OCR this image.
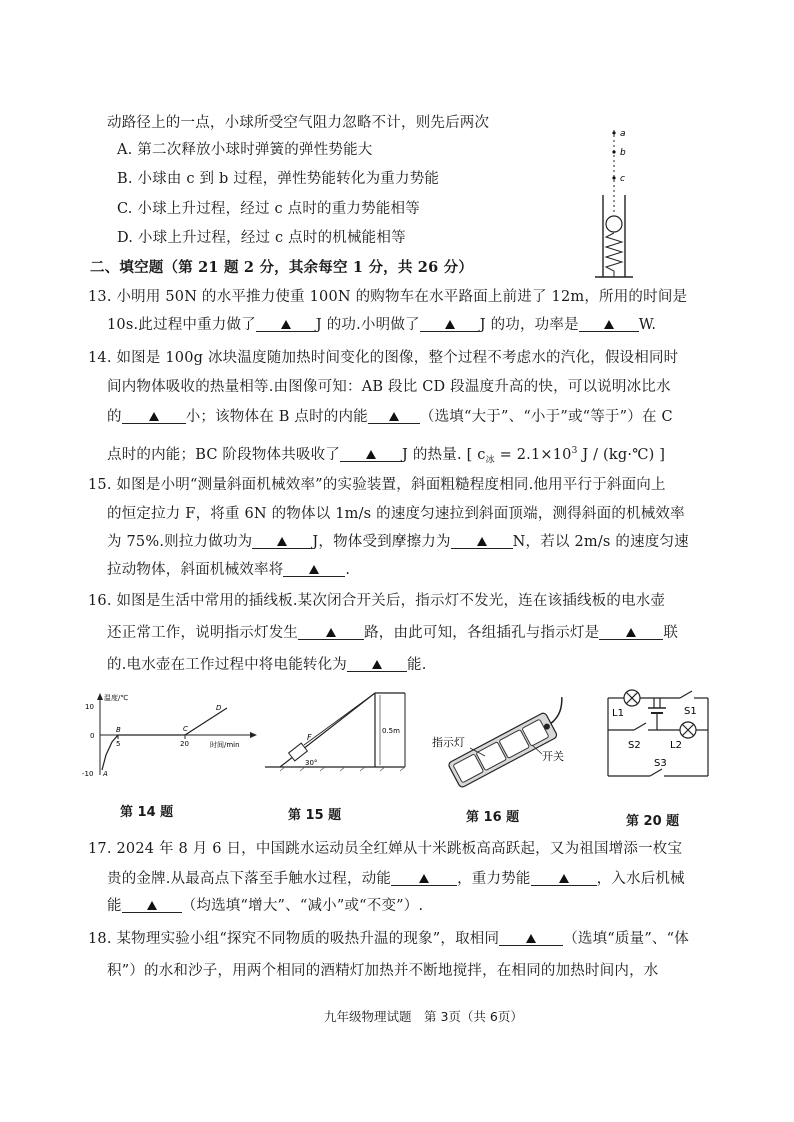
动路径上的一点，小球所受空气阻力忽略不计，则先后两次
A. 第二次释放小球时弹簧的弹性势能大
B. 小球由 c 到 b 过程，弹性势能转化为重力势能
C. 小球上升过程，经过 c 点时的重力势能相等
D. 小球上升过程，经过 c 点时的机械能相等
a
b
c
二、填空题（第 21 题 2 分，其余每空 1 分，共 26 分）
13. 小明用 50N 的水平推力使重 100N 的购物车在水平路面上前进了 12m，所用的时间是
10s.此过程中重力做了	J 的功.小明做了	J 的功，功率是	W.
14. 如图是 100g 冰块温度随加热时间变化的图像，整个过程不考虑水的汽化，假设相同时
间内物体吸收的热量相等.由图像可知：AB 段比 CD 段温度升高的快，可以说明冰比水
的	小；该物体在 B 点时的内能	（选填“大于”、“小于”或“等于”）在 C
点时的内能；BC 阶段物体共吸收了	J 的热量. [ $c_冰 = 2.1\times 10^3$ J / (kg·℃) ]
15. 如图是小明“测量斜面机械效率”的实验装置，斜面粗糙程度相同.他用平行于斜面向上
的恒定拉力 F，将重 6N 的物体以 1m/s 的速度匀速拉到斜面顶端，测得斜面的机械效率
为 75%.则拉力做功为	J，物体受到摩擦力为	N，若以 2m/s 的速度匀速
拉动物体，斜面机械效率将	.
16. 如图是生活中常用的插线板.某次闭合开关后，指示灯不发光，连在该插线板的电水壶
还正常工作，说明指示灯发生	路，由此可知，各组插孔与指示灯是	联
的.电水壶在工作过程中将电能转化为	能.
温度/℃
时间/min
10
0
-10
5	20
A
B	C
D
第 14 题
F
30°
0.5m
第 15 题
指示灯
开关
第 16 题
L1	S1
S2	L2
S3
第 20 题
17. 2024 年 8 月 6 日，中国跳水运动员全红婵从十米跳板高高跃起，又为祖国增添一枚宝
贵的金牌.从最高点下落至手触水过程，动能	，重力势能	，入水后机械
能	（均选填“增大”、“减小”或“不变”）.
18. 某物理实验小组“探究不同物质的吸热升温的现象”，取相同	（选填“质量”、“体
积”）的水和沙子，用两个相同的酒精灯加热并不断地搅拌，在相同的加热时间内，水
九年级物理试题　第 3页（共 6页）
